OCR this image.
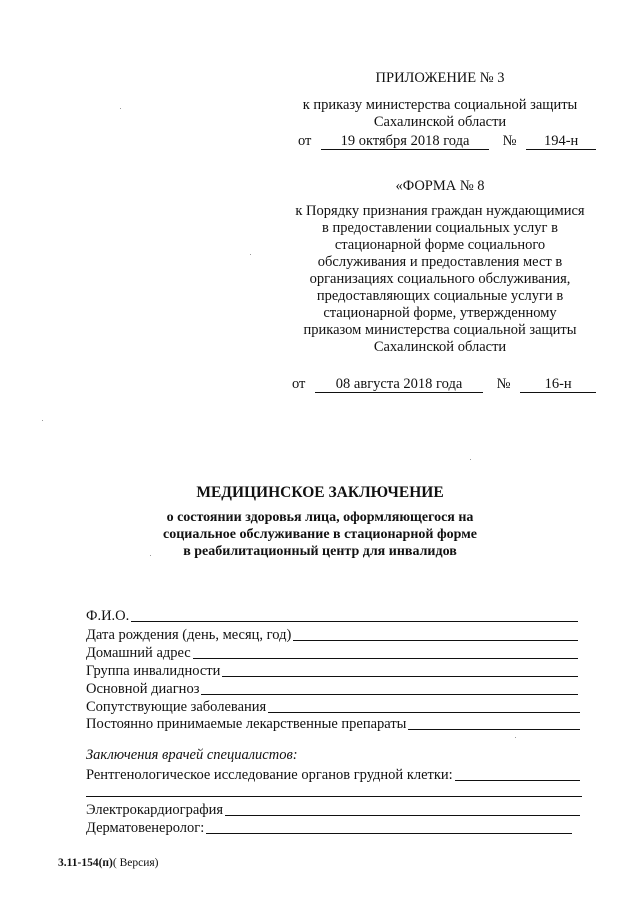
ПРИЛОЖЕНИЕ № 3
к приказу министерства социальной защиты
Сахалинской области
от 19 октября 2018 года № 194-н
«ФОРМА № 8
к Порядку признания граждан нуждающимися
в предоставлении социальных услуг в
стационарной форме социального
обслуживания и предоставления мест в
организациях социального обслуживания,
предоставляющих социальные услуги в
стационарной форме, утвержденному
приказом министерства социальной защиты
Сахалинской области
от 08 августа 2018 года № 16-н
МЕДИЦИНСКОЕ ЗАКЛЮЧЕНИЕ
о состоянии здоровья лица, оформляющегося на
социальное обслуживание в стационарной форме
в реабилитационный центр для инвалидов
Ф.И.О.
Дата рождения (день, месяц, год)
Домашний адрес
Группа инвалидности
Основной диагноз
Сопутствующие заболевания
Постоянно принимаемые лекарственные препараты
Заключения врачей специалистов:
Рентгенологическое исследование органов грудной клетки:
Электрокардиография
Дерматовенеролог:
3.11-154(п)( Версия)
